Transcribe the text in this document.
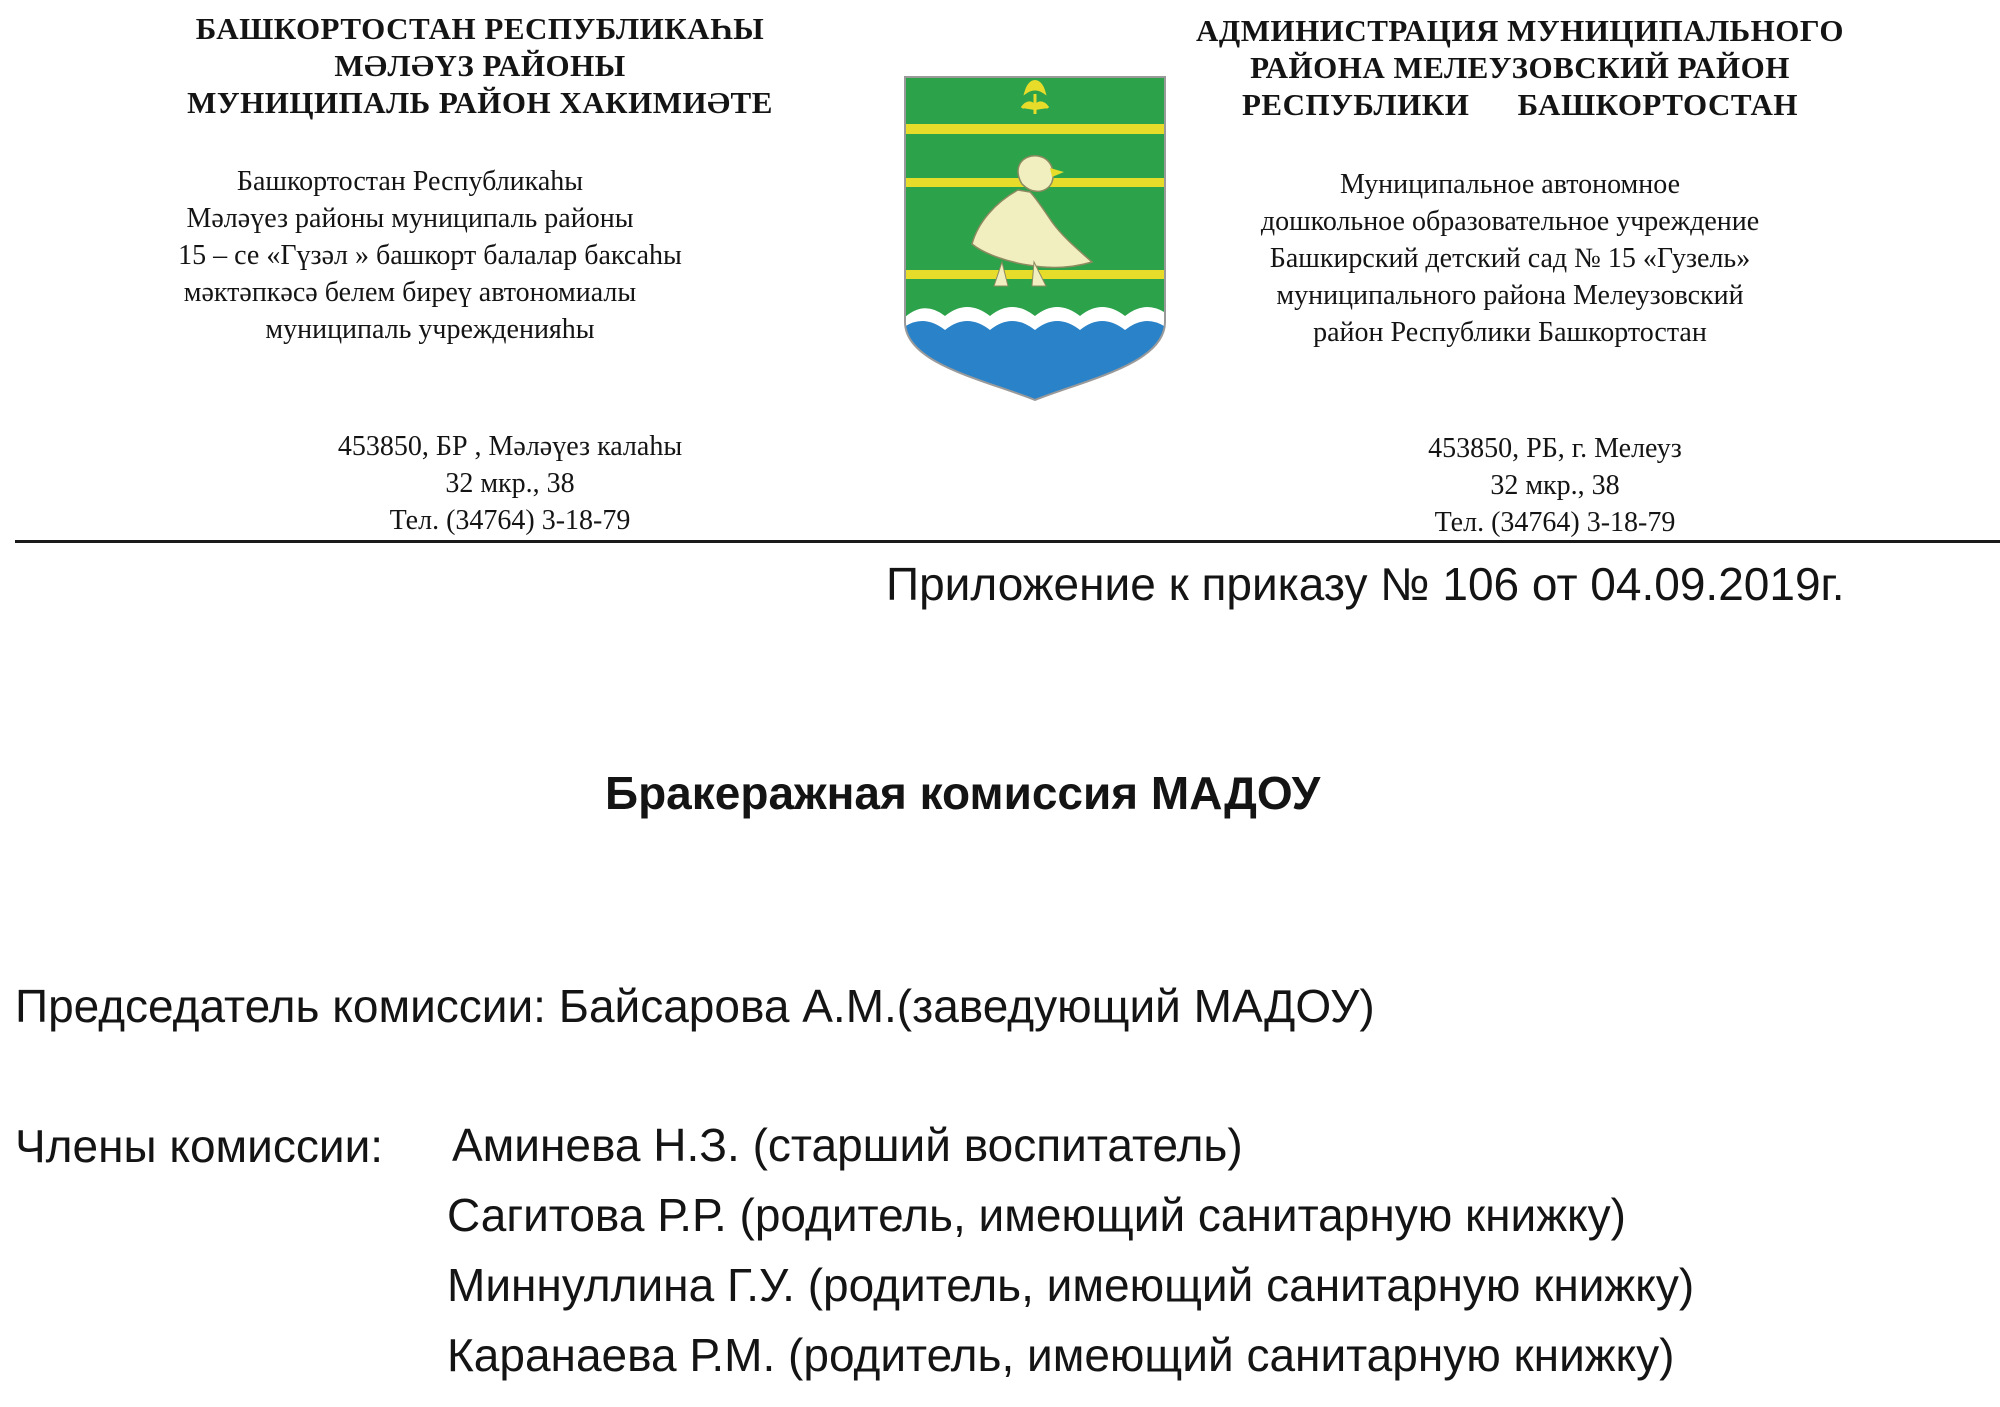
БАШКОРТОСТАН РЕСПУБЛИКАҺЫ
МӘЛӘҮЗ РАЙОНЫ
МУНИЦИПАЛЬ РАЙОН ХАКИМИӘТЕ
Башкортостан Республикаһы
Мәләүез районы муниципаль районы
15 – се «Гүзәл » башкорт балалар баксаһы
мәктәпкәсә белем биреү автономиалы
муниципаль учрежденияһы
453850, БР , Мәләүез калаһы
32 мкр., 38
Тел. (34764) 3-18-79
АДМИНИСТРАЦИЯ МУНИЦИПАЛЬНОГО
РАЙОНА МЕЛЕУЗОВСКИЙ РАЙОН
РЕСПУБЛИКИ БАШКОРТОСТАН
Муниципальное автономное
дошкольное образовательное учреждение
Башкирский детский сад № 15 «Гузель»
муниципального района Мелеузовский
район Республики Башкортостан
453850, РБ, г. Мелеуз
32 мкр., 38
Тел. (34764) 3-18-79
Приложение к приказу № 106 от 04.09.2019г.
Бракеражная комиссия МАДОУ
Председатель комиссии: Байсарова А.М.(заведующий МАДОУ)
Члены комиссии: Аминева Н.З. (старший воспитатель)
Сагитова Р.Р. (родитель, имеющий санитарную книжку)
Миннуллина Г.У. (родитель, имеющий санитарную книжку)
Каранаева Р.М. (родитель, имеющий санитарную книжку)
